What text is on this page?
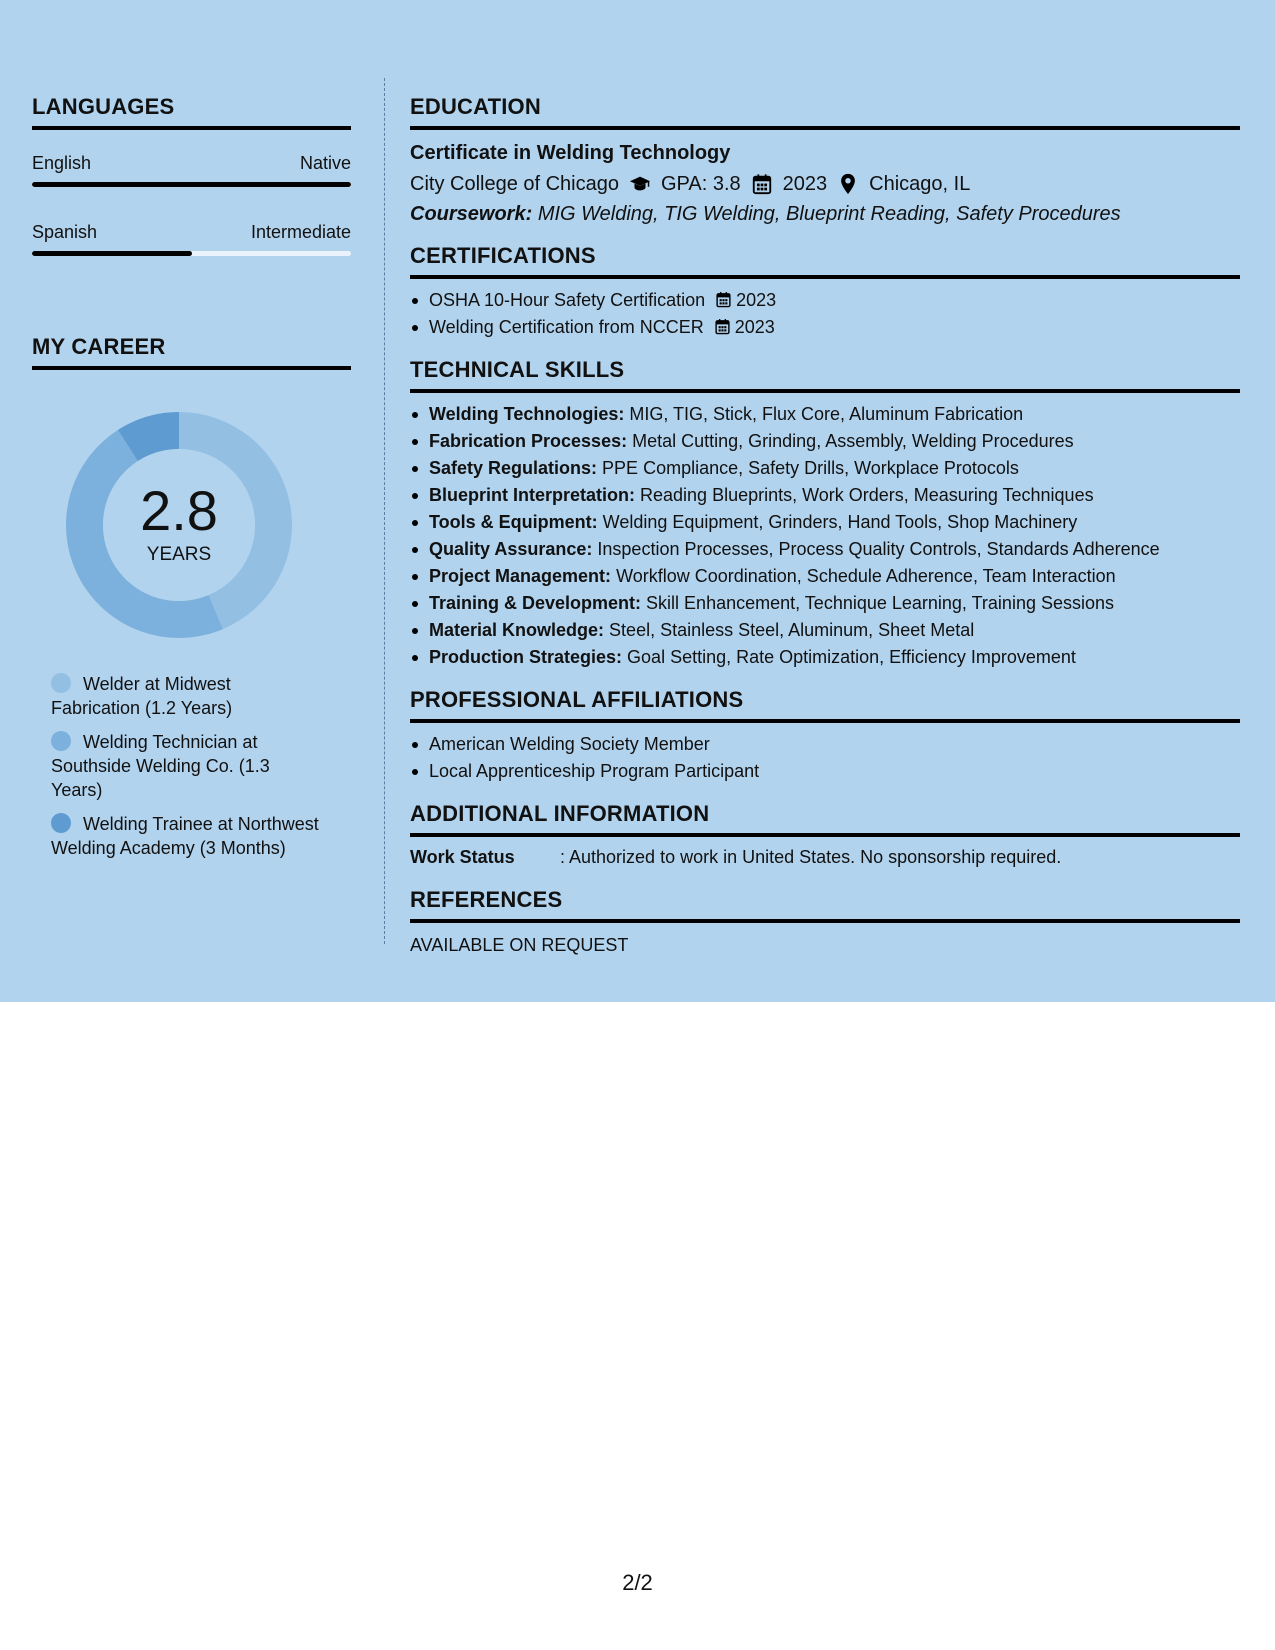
LANGUAGES
English	Native
Spanish	Intermediate
MY CAREER
2.8
YEARS
Welder at Midwest Fabrication (1.2 Years)
Welding Technician at Southside Welding Co. (1.3 Years)
Welding Trainee at Northwest Welding Academy (3 Months)
EDUCATION
Certificate in Welding Technology
City College of Chicago GPA: 3.8 2023 Chicago, IL
Coursework: MIG Welding, TIG Welding, Blueprint Reading, Safety Procedures
CERTIFICATIONS
OSHA 10-Hour Safety Certification 2023
Welding Certification from NCCER 2023
TECHNICAL SKILLS
Welding Technologies: MIG, TIG, Stick, Flux Core, Aluminum Fabrication
Fabrication Processes: Metal Cutting, Grinding, Assembly, Welding Procedures
Safety Regulations: PPE Compliance, Safety Drills, Workplace Protocols
Blueprint Interpretation: Reading Blueprints, Work Orders, Measuring Techniques
Tools & Equipment: Welding Equipment, Grinders, Hand Tools, Shop Machinery
Quality Assurance: Inspection Processes, Process Quality Controls, Standards Adherence
Project Management: Workflow Coordination, Schedule Adherence, Team Interaction
Training & Development: Skill Enhancement, Technique Learning, Training Sessions
Material Knowledge: Steel, Stainless Steel, Aluminum, Sheet Metal
Production Strategies: Goal Setting, Rate Optimization, Efficiency Improvement
PROFESSIONAL AFFILIATIONS
American Welding Society Member
Local Apprenticeship Program Participant
ADDITIONAL INFORMATION
Work Status	: Authorized to work in United States. No sponsorship required.
REFERENCES
AVAILABLE ON REQUEST
2/2
